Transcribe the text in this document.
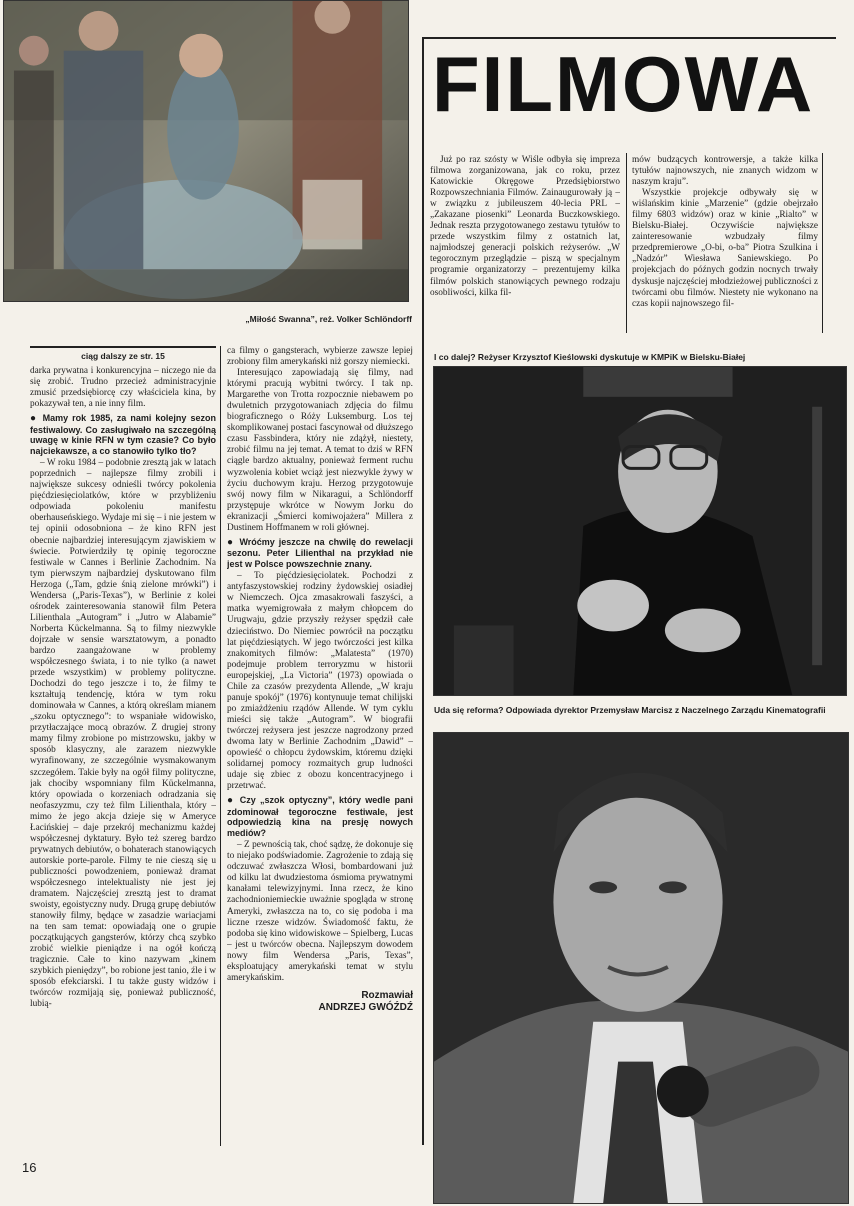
„Miłość Swanna”, reż. Volker Schlöndorff
FILMOWA

Już po raz szósty w Wiśle odbyła się impreza filmowa zorganizowana, jak co roku, przez Katowickie Okręgowe Przedsiębiorstwo Rozpowszechniania Filmów. Zainaugurowały ją – w związku z jubileuszem 40-lecia PRL – „Zakazane piosenki” Leonarda Buczkowskiego. Jednak reszta przygotowanego zestawu tytułów to przede wszystkim filmy z ostatnich lat, najmłodszej generacji polskich reżyserów. „W tegorocznym przeglądzie – piszą w specjalnym programie organizatorzy – prezentujemy kilka filmów polskich stanowiących pewnego rodzaju osobliwości, kilka fil-

mów budzących kontrowersje, a także kilka tytułów najnowszych, nie znanych widzom w naszym kraju”.

Wszystkie projekcje odbywały się w wiślańskim kinie „Marzenie” (gdzie obejrzało filmy 6803 widzów) oraz w kinie „Rialto” w Bielsku-Białej. Oczywiście największe zainteresowanie wzbudzały filmy przedpremierowe „O-bi, o-ba” Piotra Szulkina i „Nadzór” Wiesława Saniewskiego. Po projekcjach do późnych godzin nocnych trwały dyskusje najczęściej młodzieżowej publiczności z twórcami obu filmów. Niestety nie wykonano na czas kopii najnowszego fil-

I co dalej? Reżyser Krzysztof Kieślowski dyskutuje w KMPiK w Bielsku-Białej
Uda się reforma? Odpowiada dyrektor Przemysław Marcisz z Naczelnego Zarządu Kinematografii
ciąg dalszy ze str. 15

darka prywatna i konkurencyjna – niczego nie da się zrobić. Trudno przecież administracyjnie zmusić przedsiębiorcę czy właściciela kina, by pokazywał ten, a nie inny film.

● Mamy rok 1985, za nami kolejny sezon festiwalowy. Co zasługiwało na szczególną uwagę w kinie RFN w tym czasie? Co było najciekawsze, a co stanowiło tylko tło?

– W roku 1984 – podobnie zresztą jak w latach poprzednich – najlepsze filmy zrobili i największe sukcesy odnieśli twórcy pokolenia pięćdziesięciolatków, które w przybliżeniu odpowiada pokoleniu manifestu oberhauseńskiego. Wydaje mi się – i nie jestem w tej opinii odosobniona – że kino RFN jest obecnie najbardziej interesującym zjawiskiem w świecie. Potwierdziły tę opinię tegoroczne festiwale w Cannes i Berlinie Zachodnim. Na tym pierwszym najbardziej dyskutowano film Herzoga („Tam, gdzie śnią zielone mrówki”) i Wendersa („Paris-Texas”), w Berlinie z kolei ośrodek zainteresowania stanowił film Petera Lilienthala „Autogram” i „Jutro w Alabamie” Norberta Kückelmanna. Są to filmy niezwykle dojrzałe w sensie warsztatowym, a ponadto bardzo zaangażowane w problemy współczesnego świata, i to nie tylko (a nawet przede wszystkim) w problemy polityczne. Dochodzi do tego jeszcze i to, że filmy te kształtują tendencję, która w tym roku dominowała w Cannes, a którą określam mianem „szoku optycznego”: to wspaniałe widowisko, przytłaczające mocą obrazów. Z drugiej strony mamy filmy zrobione po mistrzowsku, jakby w sposób klasyczny, ale zarazem niezwykle wyrafinowany, ze szczególnie wysmakowanym szczegółem. Takie były na ogół filmy polityczne, jak chociby wspomniany film Kückelmanna, który opowiada o korzeniach odradzania się neofaszyzmu, czy też film Lilienthala, który – mimo że jego akcja dzieje się w Ameryce Łacińskiej – daje przekrój mechanizmu każdej współczesnej dyktatury. Było też szereg bardzo prywatnych debiutów, o bohaterach stanowiących autorskie porte-parole. Filmy te nie cieszą się u publiczności powodzeniem, ponieważ dramat współczesnego intelektualisty nie jest jej dramatem. Najczęściej zresztą jest to dramat swoisty, egoistyczny nudy. Drugą grupę debiutów stanowiły filmy, będące w zasadzie wariacjami na ten sam temat: opowiadają one o grupie początkujących gangsterów, którzy chcą szybko zrobić wielkie pieniądze i na ogół kończą tragicznie. Całe to kino nazywam „kinem szybkich pieniędzy”, bo robione jest tanio, źle i w sposób efekciarski. I tu także gusty widzów i twórców rozmijają się, ponieważ publiczność, lubią-

ca filmy o gangsterach, wybierze zawsze lepiej zrobiony film amerykański niż gorszy niemiecki.

Interesująco zapowiadają się filmy, nad którymi pracują wybitni twórcy. I tak np. Margarethe von Trotta rozpocznie niebawem po dwuletnich przygotowaniach zdjęcia do filmu biograficznego o Róży Luksemburg. Los tej skomplikowanej postaci fascynował od dłuższego czasu Fassbindera, który nie zdążył, niestety, zrobić filmu na jej temat. A temat to dziś w RFN ciągle bardzo aktualny, ponieważ ferment ruchu wyzwolenia kobiet wciąż jest niezwykle żywy w życiu duchowym kraju. Herzog przygotowuje swój nowy film w Nikaragui, a Schlöndorff przystępuje wkrótce w Nowym Jorku do ekranizacji „Śmierci komiwojażera” Millera z Dustinem Hoffmanem w roli głównej.

● Wróćmy jeszcze na chwilę do rewelacji sezonu. Peter Lilienthal na przykład nie jest w Polsce powszechnie znany.

– To pięćdziesięciolatek. Pochodzi z antyfaszystowskiej rodziny żydowskiej osiadłej w Niemczech. Ojca zmasakrowali faszyści, a matka wyemigrowała z małym chłopcem do Urugwaju, gdzie przyszły reżyser spędził całe dzieciństwo. Do Niemiec powrócił na początku lat pięćdziesiątych. W jego twórczości jest kilka znakomitych filmów: „Malatesta” (1970) podejmuje problem terroryzmu w historii europejskiej, „La Victoria” (1973) opowiada o Chile za czasów prezydenta Allende, „W kraju panuje spokój” (1976) kontynuuje temat chilijski po zmiażdżeniu rządów Allende. W tym cyklu mieści się także „Autogram”. W biografii twórczej reżysera jest jeszcze nagrodzony przed dwoma laty w Berlinie Zachodnim „Dawid” – opowieść o chłopcu żydowskim, któremu dzięki solidarnej pomocy rozmaitych grup ludności udaje się zbiec z obozu koncentracyjnego i przetrwać.

● Czy „szok optyczny”, który wedle pani zdominował tegoroczne festiwale, jest odpowiedzią kina na presję nowych mediów?

– Z pewnością tak, choć sądzę, że dokonuje się to niejako podświadomie. Zagrożenie to zdają się odczuwać zwłaszcza Włosi, bombardowani już od kilku lat dwudziestoma ósmioma prywatnymi kanałami telewizyjnymi. Inna rzecz, że kino zachodnioniemieckie uważnie spogląda w stronę Ameryki, zwłaszcza na to, co się podoba i ma liczne rzesze widzów. Świadomość faktu, że podoba się kino widowiskowe – Spielberg, Lucas – jest u twórców obecna. Najlepszym dowodem nowy film Wendersa „Paris, Texas”, eksploatujący amerykański temat w stylu amerykańskim.

Rozmawiał
ANDRZEJ GWÓŹDŹ
16
